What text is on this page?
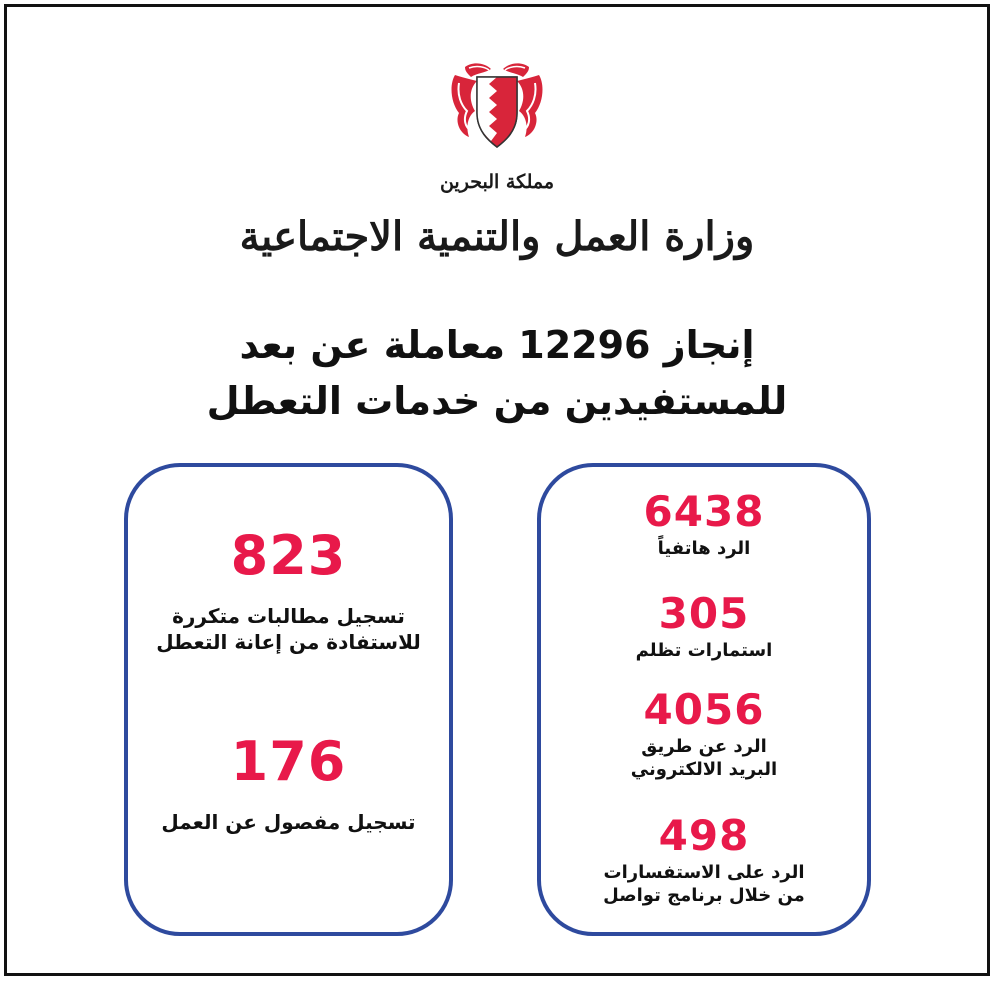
مملكة البحرين
وزارة العمل والتنمية الاجتماعية
إنجاز 12296 معاملة عن بعد
للمستفيدين من خدمات التعطل
823
تسجيل مطالبات متكررة
للاستفادة من إعانة التعطل
176
تسجيل مفصول عن العمل
6438
الرد هاتفياً
305
استمارات تظلم
4056
الرد عن طريق
البريد الالكتروني
498
الرد على الاستفسارات
من خلال برنامج تواصل
